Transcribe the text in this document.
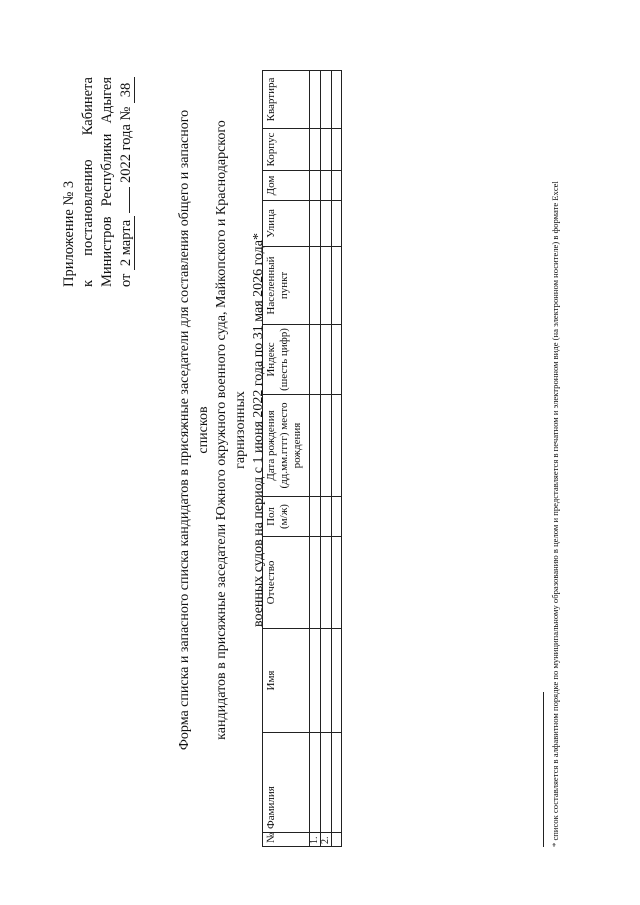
Приложение № 3 к
постановлению
Кабинета
Министров
Республики
Адыгея
от 2 марта
2022 года № 38
Форма списка и запасного списка кандидатов в присяжные заседатели для составления общего и запасного списков кандидатов в присяжные заседатели Южного окружного военного суда, Майкопского и Краснодарского гарнизонных военных судов на период с 1 июня 2022 года по 31 мая 2026 года*
№	Фамилия	Имя	Отчество	Пол (м/ж)	Дата рождения (дд.мм.гггг) место рождения	Индекс (шесть цифр)	Населенный пункт	Улица	Дом	Корпус	Квартира
1.											
2.											
												* список составляется в алфавитном порядке по муниципальному образованию в целом и представляется в печатном и электронном виде (на электронном носителе) в формате Excel
